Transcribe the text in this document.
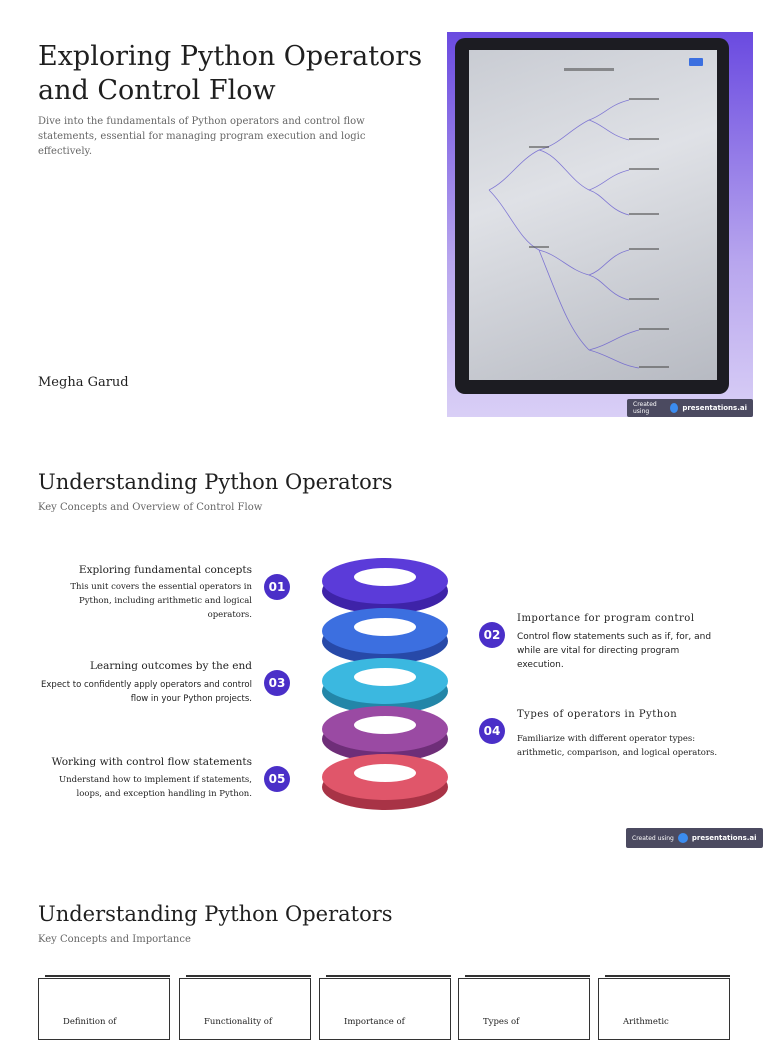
Exploring Python Operators and Control Flow
Dive into the fundamentals of Python operators and control flow statements, essential for managing program execution and logic effectively.
Megha Garud
Created using	presentations.ai
Understanding Python Operators
Key Concepts and Overview of Control Flow
Exploring fundamental concepts
This unit covers the essential operators in Python, including arithmetic and logical operators.
01
Learning outcomes by the end
Expect to confidently apply operators and control flow in your Python projects.
03
Working with control flow statements
Understand how to implement if statements, loops, and exception handling in Python.
05
02
Importance for program control
Control flow statements such as if, for, and while are vital for directing program execution.
04
Types of operators in Python
Familiarize with different operator types: arithmetic, comparison, and logical operators.
Created using	presentations.ai
Understanding Python Operators
Key Concepts and Importance
Definition of	Functionality of	Importance of	Types of	Arithmetic
